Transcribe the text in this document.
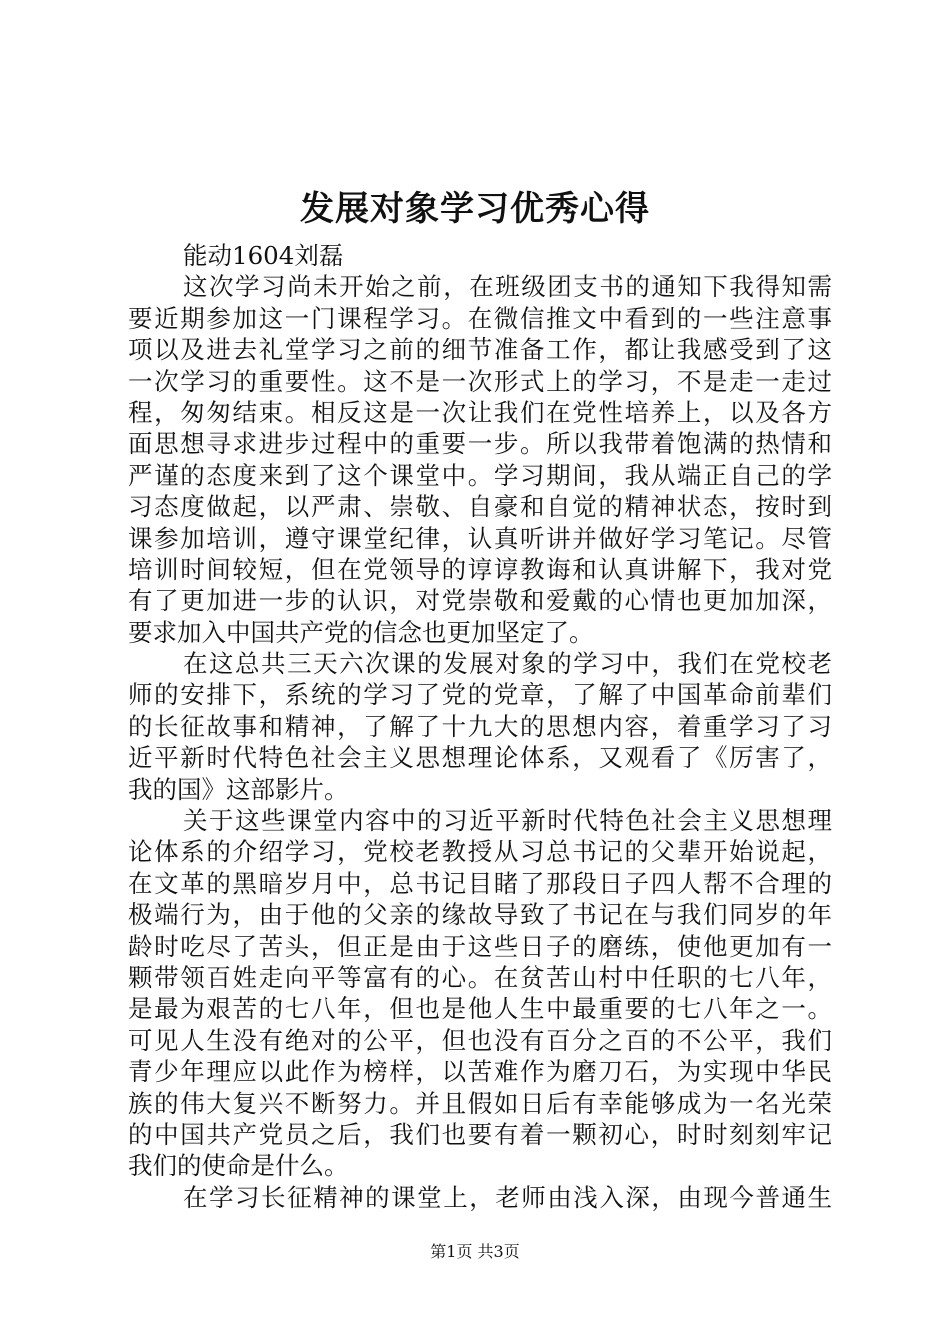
发展对象学习优秀心得
能动1604刘磊
这次学习尚未开始之前，在班级团支书的通知下我得知需
要近期参加这一门课程学习。在微信推文中看到的一些注意事
项以及进去礼堂学习之前的细节准备工作，都让我感受到了这
一次学习的重要性。这不是一次形式上的学习，不是走一走过
程，匆匆结束。相反这是一次让我们在党性培养上，以及各方
面思想寻求进步过程中的重要一步。所以我带着饱满的热情和
严谨的态度来到了这个课堂中。学习期间，我从端正自己的学
习态度做起，以严肃、崇敬、自豪和自觉的精神状态，按时到
课参加培训，遵守课堂纪律，认真听讲并做好学习笔记。尽管
培训时间较短，但在党领导的谆谆教诲和认真讲解下，我对党
有了更加进一步的认识，对党崇敬和爱戴的心情也更加加深，
要求加入中国共产党的信念也更加坚定了。
在这总共三天六次课的发展对象的学习中，我们在党校老
师的安排下，系统的学习了党的党章，了解了中国革命前辈们
的长征故事和精神，了解了十九大的思想内容，着重学习了习
近平新时代特色社会主义思想理论体系，又观看了《厉害了，
我的国》这部影片。
关于这些课堂内容中的习近平新时代特色社会主义思想理
论体系的介绍学习，党校老教授从习总书记的父辈开始说起，
在文革的黑暗岁月中，总书记目睹了那段日子四人帮不合理的
极端行为，由于他的父亲的缘故导致了书记在与我们同岁的年
龄时吃尽了苦头，但正是由于这些日子的磨练，使他更加有一
颗带领百姓走向平等富有的心。在贫苦山村中任职的七八年，
是最为艰苦的七八年，但也是他人生中最重要的七八年之一。
可见人生没有绝对的公平，但也没有百分之百的不公平，我们
青少年理应以此作为榜样，以苦难作为磨刀石，为实现中华民
族的伟大复兴不断努力。并且假如日后有幸能够成为一名光荣
的中国共产党员之后，我们也要有着一颗初心，时时刻刻牢记
我们的使命是什么。
在学习长征精神的课堂上，老师由浅入深，由现今普通生
第1页 共3页
